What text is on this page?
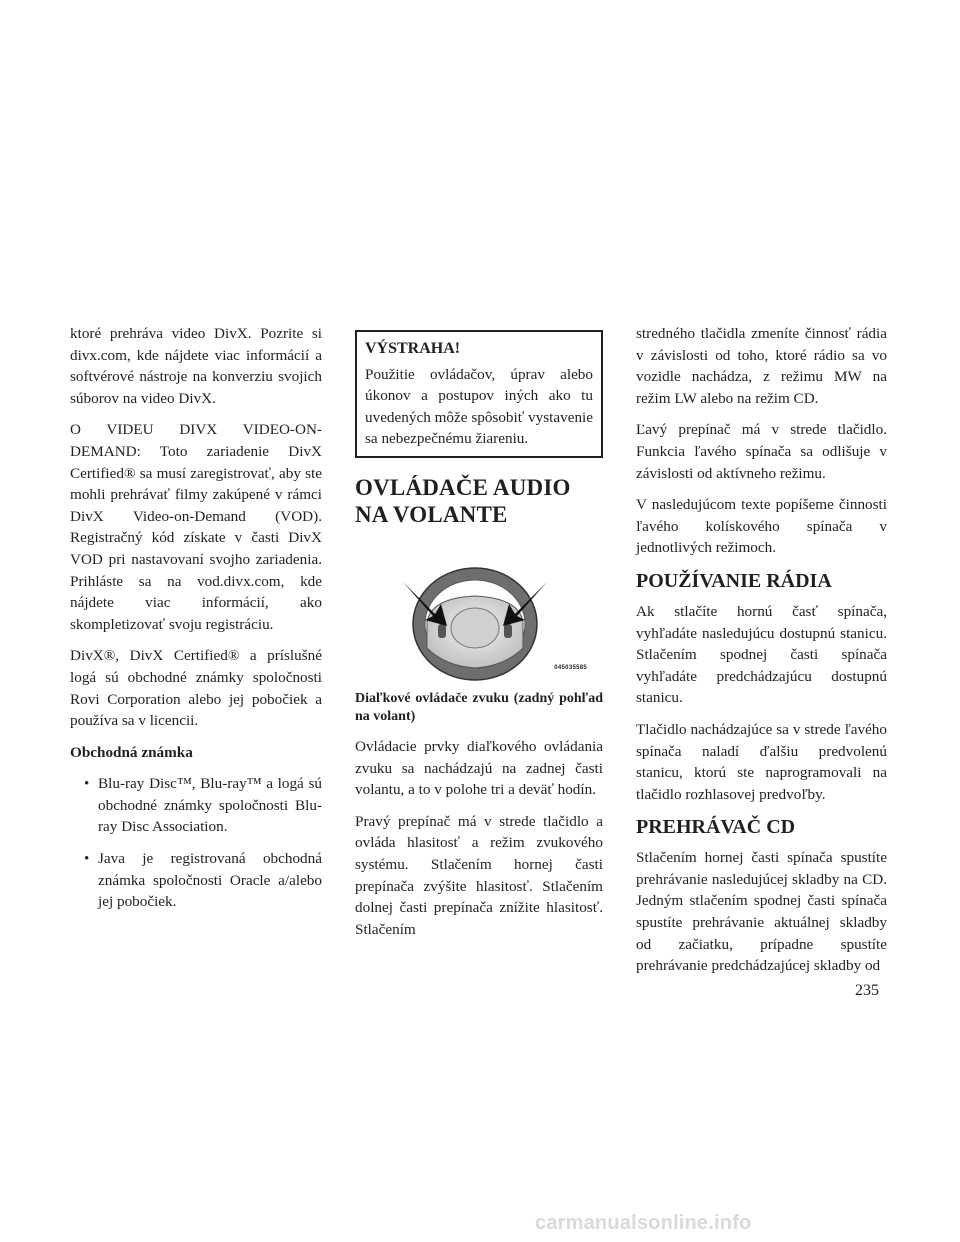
ktoré prehráva video DivX. Pozrite si divx.com, kde nájdete viac informácií a softvérové nástroje na konverziu svojich súborov na video DivX.

O VIDEU DIVX VIDEO-ON-DEMAND: Toto zariadenie DivX Certified® sa musí zaregistrovať, aby ste mohli prehrávať filmy zakúpené v rámci DivX Video-on-Demand (VOD). Registračný kód získate v časti DivX VOD pri nastavovaní svojho zariadenia. Prihláste sa na vod.divx.com, kde nájdete viac informácií, ako skompletizovať svoju registráciu.

DivX®, DivX Certified® a príslušné logá sú obchodné známky spoločnosti Rovi Corporation alebo jej pobočiek a používa sa v licencii.

Obchodná známka

• Blu-ray Disc™, Blu-ray™ a logá sú obchodné známky spoločnosti Blu-ray Disc Association.
• Java je registrovaná obchodná známka spoločnosti Oracle a/alebo jej pobočiek.
VÝSTRAHA!

Použitie ovládačov, úprav alebo úkonov a postupov iných ako tu uvedených môže spôsobiť vystavenie sa nebezpečnému žiareniu.

OVLÁDAČE AUDIO NA VOLANTE
045035585

Diaľkové ovládače zvuku (zadný pohľad na volant)

Ovládacie prvky diaľkového ovládania zvuku sa nachádzajú na zadnej časti volantu, a to v polohe tri a deväť hodín.

Pravý prepínač má v strede tlačidlo a ovláda hlasitosť a režim zvukového systému. Stlačením hornej časti prepínača zvýšite hlasitosť. Stlačením dolnej časti prepínača znížite hlasitosť. Stlačením

stredného tlačidla zmeníte činnosť rádia v závislosti od toho, ktoré rádio sa vo vozidle nachádza, z režimu MW na režim LW alebo na režim CD.

Ľavý prepínač má v strede tlačidlo. Funkcia ľavého spínača sa odlišuje v závislosti od aktívneho režimu.

V nasledujúcom texte popíšeme činnosti ľavého kolískového spínača v jednotlivých režimoch.

POUŽÍVANIE RÁDIA

Ak stlačíte hornú časť spínača, vyhľadáte nasledujúcu dostupnú stanicu. Stlačením spodnej časti spínača vyhľadáte predchádzajúcu dostupnú stanicu.

Tlačidlo nachádzajúce sa v strede ľavého spínača naladí ďalšiu predvolenú stanicu, ktorú ste naprogramovali na tlačidlo rozhlasovej predvoľby.

PREHRÁVAČ CD

Stlačením hornej časti spínača spustíte prehrávanie nasledujúcej skladby na CD. Jedným stlačením spodnej časti spínača spustíte prehrávanie aktuálnej skladby od začiatku, prípadne spustíte prehrávanie predchádzajúcej skladby od

235
carmanualsonline.info
